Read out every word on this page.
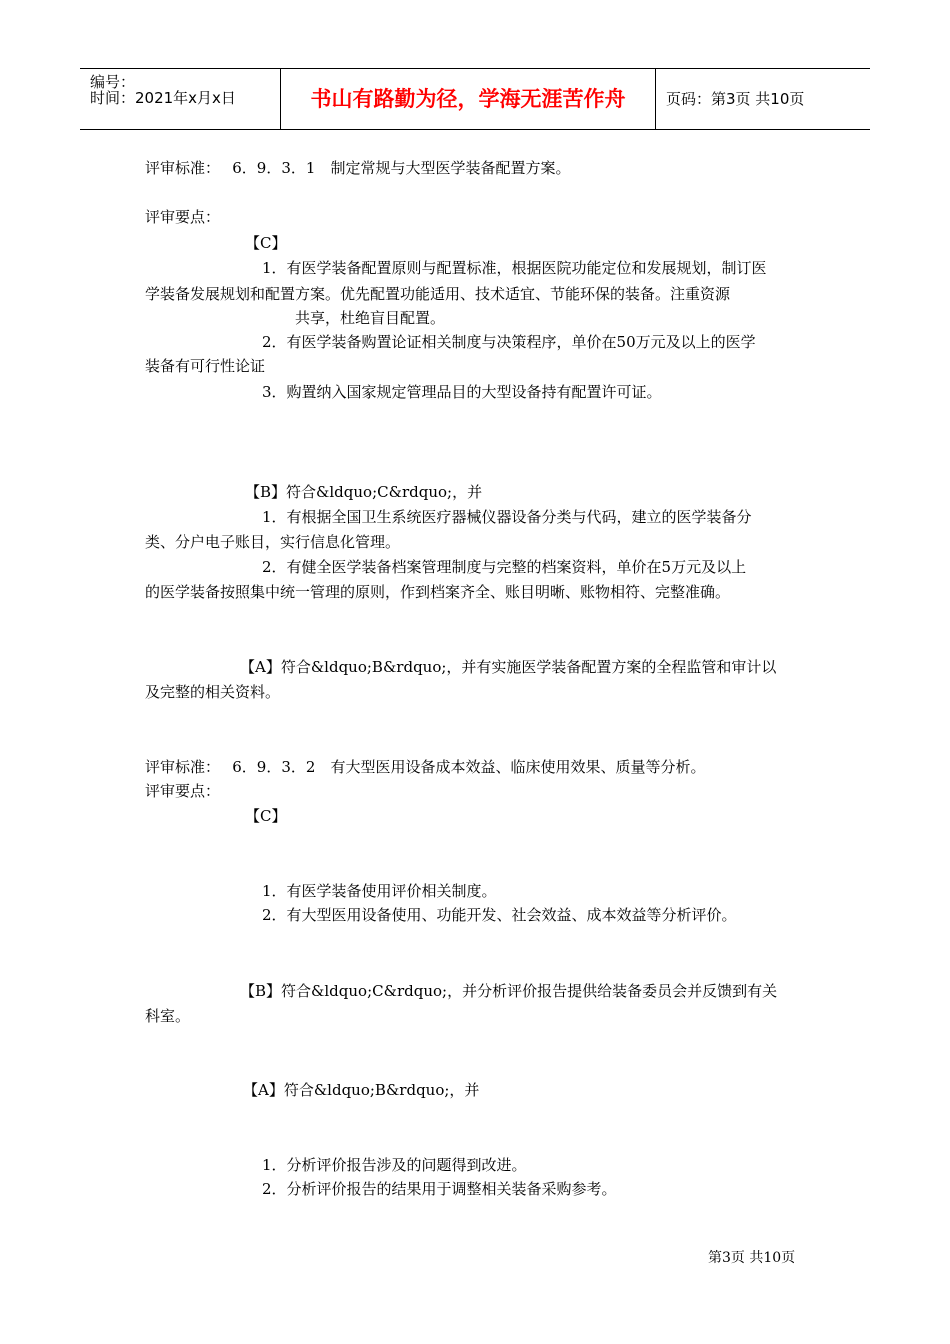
编号：
时间：2021年x月x日	书山有路勤为径，学海无涯苦作舟	页码：第3页 共10页
评审标准：　 6．9．3．1　制定常规与大型医学装备配置方案。
评审要点：
【C】
1．有医学装备配置原则与配置标准，根据医院功能定位和发展规划，制订医
学装备发展规划和配置方案。优先配置功能适用、技术适宜、节能环保的装备。注重资源
共享，杜绝盲目配置。
2．有医学装备购置论证相关制度与决策程序，单价在50万元及以上的医学
装备有可行性论证
3．购置纳入国家规定管理品目的大型设备持有配置许可证。
【B】符合&ldquo;C&rdquo;，并
1．有根据全国卫生系统医疗器械仪器设备分类与代码，建立的医学装备分
类、分户电子账目，实行信息化管理。
2．有健全医学装备档案管理制度与完整的档案资料，单价在5万元及以上
的医学装备按照集中统一管理的原则，作到档案齐全、账目明晰、账物相符、完整准确。
【A】符合&ldquo;B&rdquo;，并有实施医学装备配置方案的全程监管和审计以
及完整的相关资料。
评审标准：　 6．9．3．2　有大型医用设备成本效益、临床使用效果、质量等分析。
评审要点：
【C】
1．有医学装备使用评价相关制度。
2．有大型医用设备使用、功能开发、社会效益、成本效益等分析评价。
【B】符合&ldquo;C&rdquo;，并分析评价报告提供给装备委员会并反馈到有关
科室。
【A】符合&ldquo;B&rdquo;，并
1．分析评价报告涉及的问题得到改进。
2．分析评价报告的结果用于调整相关装备采购参考。
第3页 共10页
